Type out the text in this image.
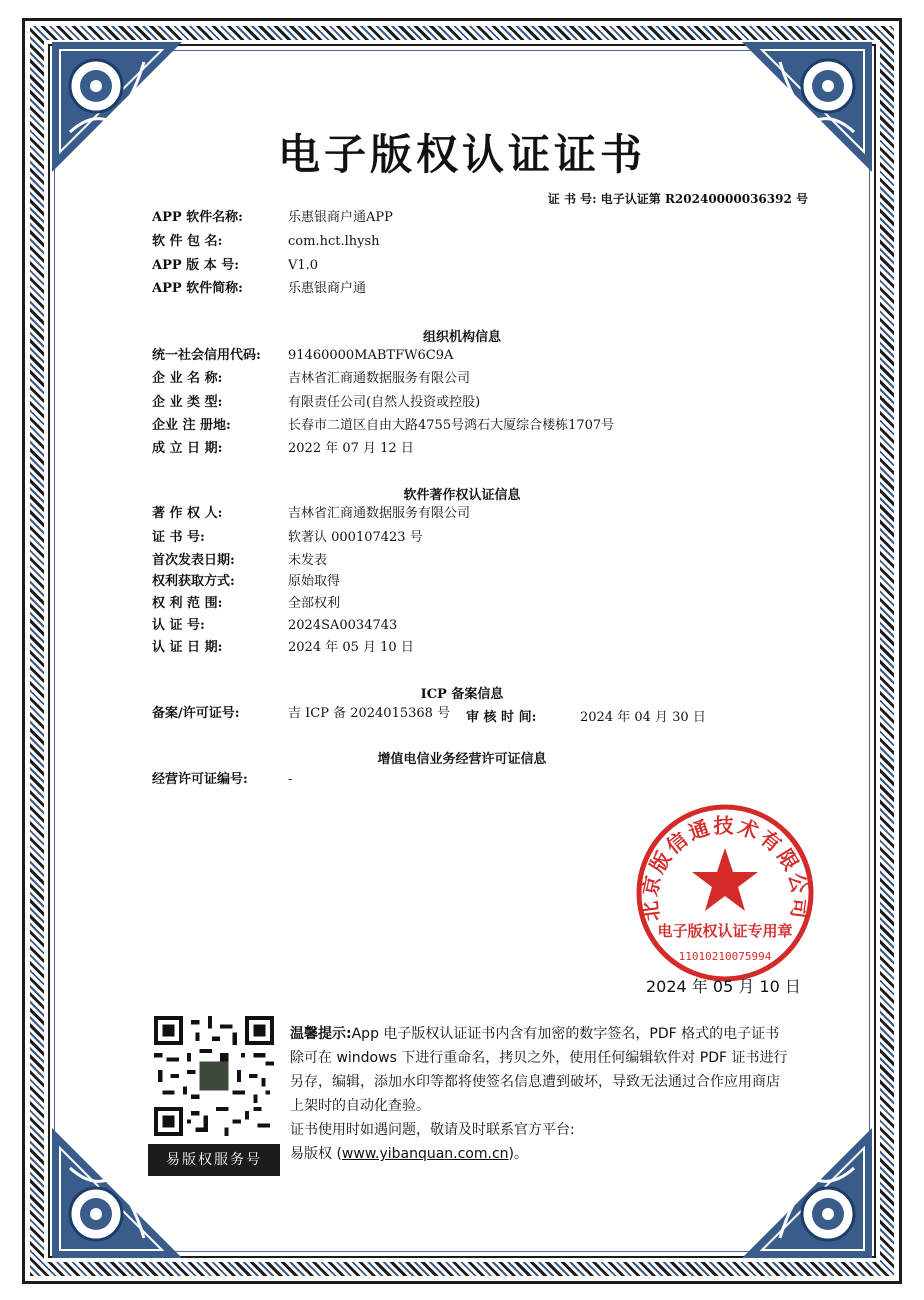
电子版权认证证书
证 书 号: 电子认证第 R20240000036392 号
APP 软件名称:	乐惠银商户通APP
软 件 包 名:	com.hct.lhysh
APP 版 本 号:	V1.0
APP 软件简称:	乐惠银商户通
组织机构信息
统一社会信用代码:	91460000MABTFW6C9A
企 业 名 称:	吉林省汇商通数据服务有限公司
企 业 类 型:	有限责任公司(自然人投资或控股)
企业 注 册地:	长春市二道区自由大路4755号鸿石大厦综合楼栋1707号
成 立 日 期:	2022 年 07 月 12 日
软件著作权认证信息
著 作 权 人:	吉林省汇商通数据服务有限公司
证 书 号:	软著认 000107423 号
首次发表日期:	未发表
权利获取方式:	原始取得
权 利 范 围:	全部权利
认 证 号:	2024SA0034743
认 证 日 期:	2024 年 05 月 10 日
ICP 备案信息
备案/许可证号:	吉 ICP 备 2024015368 号 审 核 时 间:	2024 年 04 月 30 日
增值电信业务经营许可证信息
经营许可证编号:	-
北京版信通技术有限公司
电子版权认证专用章
11010210075994
2024 年 05 月 10 日
易版权服务号
温馨提示:App 电子版权认证证书内含有加密的数字签名，PDF 格式的电子证书除可在 windows 下进行重命名，拷贝之外，使用任何编辑软件对 PDF 证书进行另存，编辑，添加水印等都将使签名信息遭到破坏，导致无法通过合作应用商店上架时的自动化查验。
证书使用时如遇问题，敬请及时联系官方平台:
易版权 (www.yibanquan.com.cn)。
